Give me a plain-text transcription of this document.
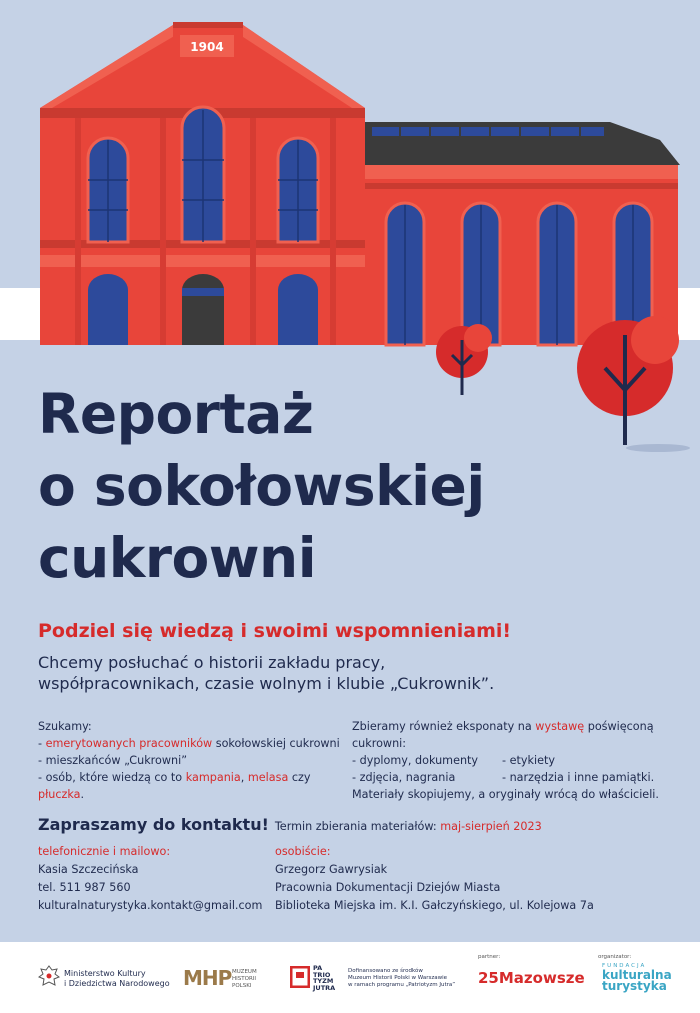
1904
Reportaż
o sokołowskiej
cukrowni
Podziel się wiedzą i swoimi wspomnieniami!
Chcemy posłuchać o historii zakładu pracy,
współpracownikach, czasie wolnym i klubie „Cukrownik”.
Szukamy:
- emerytowanych pracowników sokołowskiej cukrowni
- mieszkańców „Cukrowni”
- osób, które wiedzą co to kampania, melasa czy płuczka.
Zbieramy również eksponaty na wystawę poświęconą cukrowni:
- dyplomy, dokumenty	- etykiety
- zdjęcia, nagrania	- narzędzia i inne pamiątki.
Materiały skopiujemy, a oryginały wrócą do właścicieli.
Zapraszamy do kontaktu! Termin zbierania materiałów: maj-sierpień 2023
telefonicznie i mailowo:
Kasia Szczecińska
tel. 511 987 560
kulturalnaturystyka.kontakt@gmail.com
osobiście:
Grzegorz Gawrysiak
Pracownia Dokumentacji Dziejów Miasta
Biblioteka Miejska im. K.I. Gałczyńskiego, ul. Kolejowa 7a
Ministerstwo Kultury
i Dziedzictwa Narodowego MHP MUZEUM
HISTORII
POLSKI
PA
TRIO
TYZM
JUTRA
Dofinansowano ze środków
Muzeum Historii Polski w Warszawie
w ramach programu „Patriotyzm Jutra”
partner:
25Mazowsze
organizator:
FUNDACJA
kulturalna
turystyka
